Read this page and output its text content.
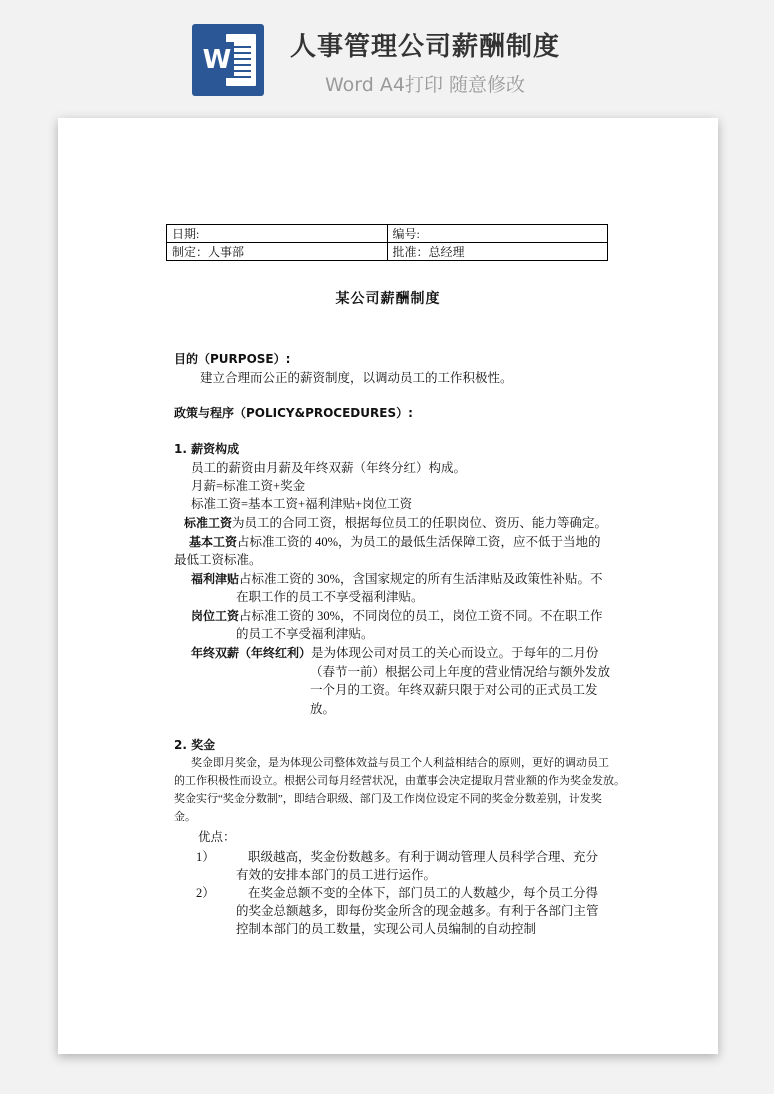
W 人事管理公司薪酬制度
Word A4打印 随意修改
日期:	编号:
制定：人事部	批准：总经理
某公司薪酬制度
目的（PURPOSE）:
建立合理而公正的薪资制度，以调动员工的工作积极性。
政策与程序（POLICY&PROCEDURES）:
1. 薪资构成
员工的薪资由月薪及年终双薪（年终分红）构成。
月薪=标准工资+奖金
标准工资=基本工资+福利津贴+岗位工资
标准工资为员工的合同工资，根据每位员工的任职岗位、资历、能力等确定。
基本工资占标准工资的 40%，为员工的最低生活保障工资，应不低于当地的
最低工资标准。
福利津贴占标准工资的 30%，含国家规定的所有生活津贴及政策性补贴。不
在职工作的员工不享受福利津贴。
岗位工资占标准工资的 30%，不同岗位的员工，岗位工资不同。不在职工作
的员工不享受福利津贴。
年终双薪（年终红利）是为体现公司对员工的关心而设立。于每年的二月份
（春节一前）根据公司上年度的营业情况给与额外发放
一个月的工资。年终双薪只限于对公司的正式员工发
放。
2. 奖金
奖金即月奖金，是为体现公司整体效益与员工个人利益相结合的原则，更好的调动员工
的工作积极性而设立。根据公司每月经营状况，由董事会决定提取月营业额的作为奖金发放。
奖金实行“奖金分数制”，即结合职级、部门及工作岗位设定不同的奖金分数差别，计发奖
金。
优点：
1）	职级越高，奖金份数越多。有利于调动管理人员科学合理、充分
有效的安排本部门的员工进行运作。
2）	在奖金总额不变的全体下，部门员工的人数越少，每个员工分得
的奖金总额越多，即每份奖金所含的现金越多。有利于各部门主管
控制本部门的员工数量，实现公司人员编制的自动控制
